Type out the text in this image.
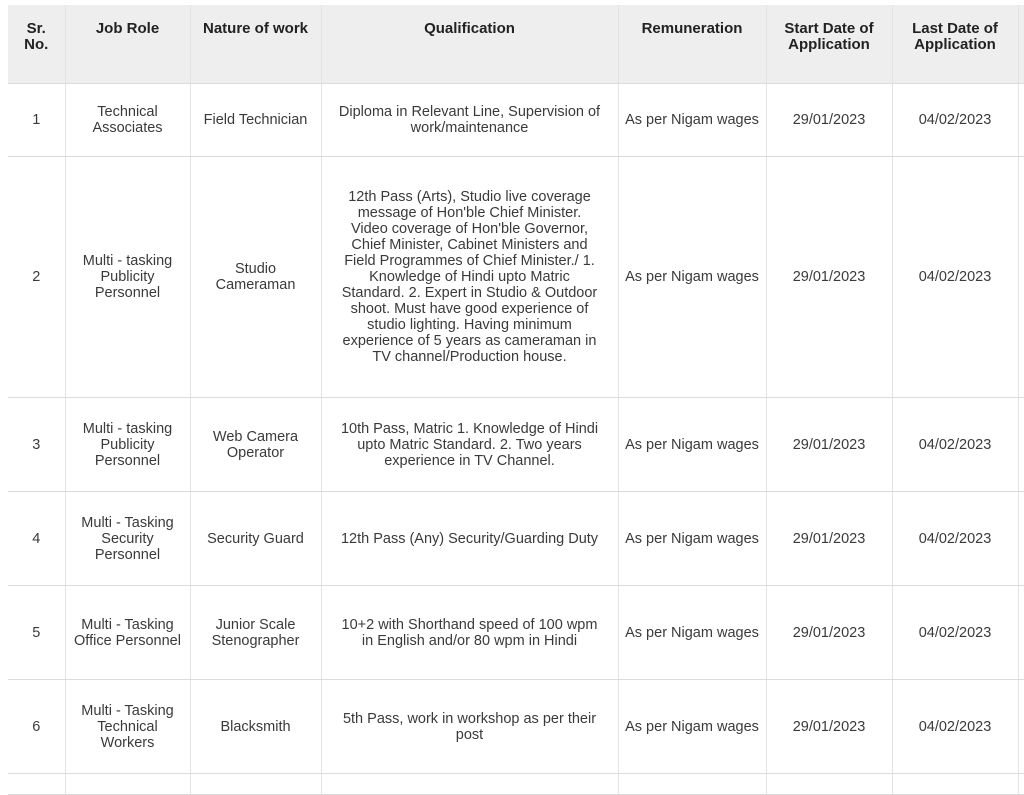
Sr. No.	Job Role	Nature of work	Qualification	Remuneration	Start Date of Application	Last Date of Application	
1	Technical Associates	Field Technician	Diploma in Relevant Line, Supervision of work/maintenance	As per Nigam wages	29/01/2023	04/02/2023	
2	Multi - tasking Publicity Personnel	Studio Cameraman	12th Pass (Arts), Studio live coverage message of Hon'ble Chief Minister. Video coverage of Hon'ble Governor, Chief Minister, Cabinet Ministers and Field Programmes of Chief Minister./ 1. Knowledge of Hindi upto Matric Standard. 2. Expert in Studio & Outdoor shoot. Must have good experience of studio lighting. Having minimum experience of 5 years as cameraman in TV channel/Production house.	As per Nigam wages	29/01/2023	04/02/2023	
3	Multi - tasking Publicity Personnel	Web Camera Operator	10th Pass, Matric 1. Knowledge of Hindi upto Matric Standard. 2. Two years experience in TV Channel.	As per Nigam wages	29/01/2023	04/02/2023	
4	Multi - Tasking Security Personnel	Security Guard	12th Pass (Any) Security/Guarding Duty	As per Nigam wages	29/01/2023	04/02/2023	
5	Multi - Tasking Office Personnel	Junior Scale Stenographer	10+2 with Shorthand speed of 100 wpm in English and/or 80 wpm in Hindi	As per Nigam wages	29/01/2023	04/02/2023	
6	Multi - Tasking Technical Workers	Blacksmith	5th Pass, work in workshop as per their post	As per Nigam wages	29/01/2023	04/02/2023	
